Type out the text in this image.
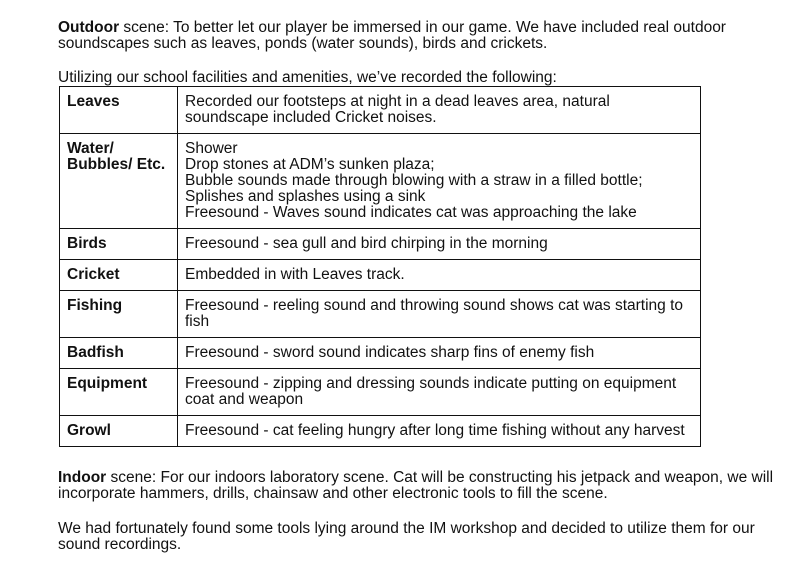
Outdoor scene: To better let our player be immersed in our game. We have included real outdoor soundscapes such as leaves, ponds (water sounds), birds and crickets.

Utilizing our school facilities and amenities, we’ve recorded the following:

Leaves	Recorded our footsteps at night in a dead leaves area, natural soundscape included Cricket noises.

Water/ Bubbles/ Etc.	Shower
Drop stones at ADM’s sunken plaza;
Bubble sounds made through blowing with a straw in a filled bottle;
Splishes and splashes using a sink
Freesound - Waves sound indicates cat was approaching the lake

Birds	Freesound - sea gull and bird chirping in the morning

Cricket	Embedded in with Leaves track.

Fishing	Freesound - reeling sound and throwing sound shows cat was starting to fish

Badfish	Freesound - sword sound indicates sharp fins of enemy fish

Equipment	Freesound - zipping and dressing sounds indicate putting on equipment coat and weapon

Growl	Freesound - cat feeling hungry after long time fishing without any harvest

Indoor scene: For our indoors laboratory scene. Cat will be constructing his jetpack and weapon, we will incorporate hammers, drills, chainsaw and other electronic tools to fill the scene.

We had fortunately found some tools lying around the IM workshop and decided to utilize them for our sound recordings.
